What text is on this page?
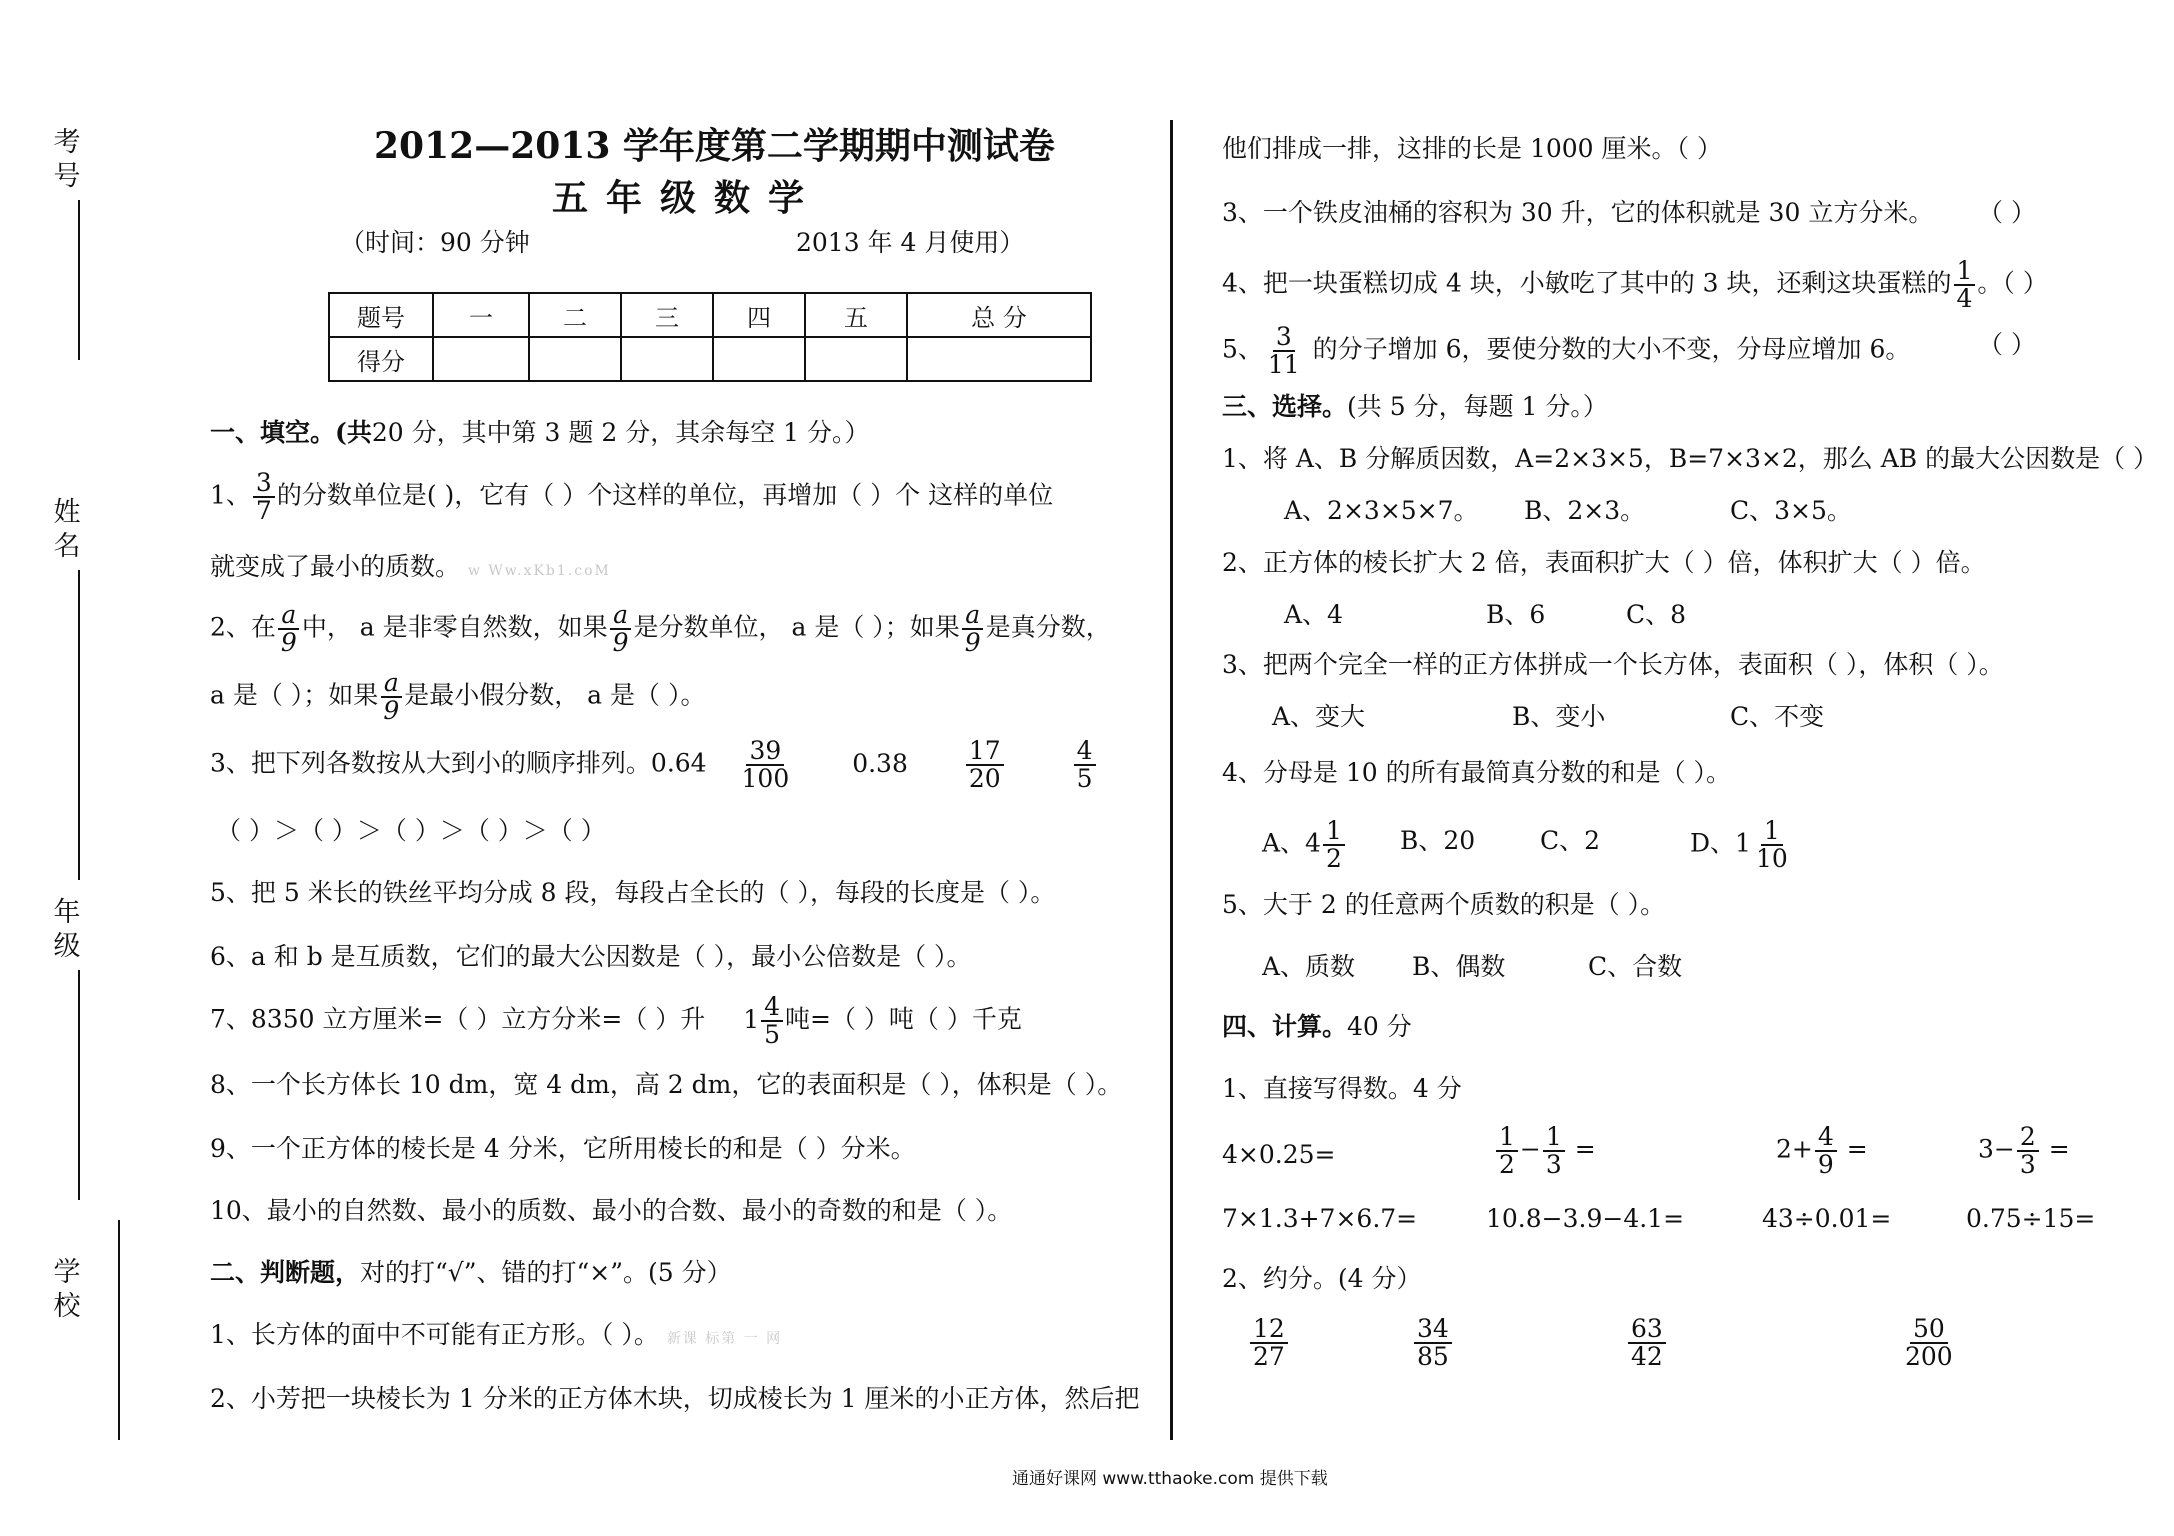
考号
姓名
年级
学校
2012—2013 学年度第二学期期中测试卷
五年级数学
（时间：90 分钟	2013 年 4 月使用）
题号	一	二	三	四	五	总 分
得分						
一、填空。(共20 分，其中第 3 题 2 分，其余每空 1 分。）
1、 $\frac{3}{7}$ 的分数单位是( )，它有（ ）个这样的单位，再增加（ ）个 这样的单位
就变成了最小的质数。 w Ww.xKb1.coM
2、在 $\frac{a}{9}$ 中， a 是非零自然数，如果 $\frac{a}{9}$ 是分数单位， a 是（ ）；如果 $\frac{a}{9}$ 是真分数，
a 是（ ）；如果 $\frac{a}{9}$ 是最小假分数， a 是（ ）。
3、把下列各数按从大到小的顺序排列。$0.64 \frac{39}{100} 0.38 \frac{17}{20}$
	$\frac{4}{5}$
（ ）＞（ ）＞（ ）＞（ ）＞（ ）
5、把 5 米长的铁丝平均分成 8 段，每段占全长的（ ），每段的长度是（ ）。
6、a 和 b 是互质数，它们的最大公因数是（ ），最小公倍数是（ ）。
7、8350 立方厘米=（ ）立方分米=（ ）升 $1 \frac{4}{5}$ 吨=（ ）吨（ ）千克
8、一个长方体长 10 dm，宽 4 dm，高 2 dm，它的表面积是（ ），体积是（ ）。
9、一个正方体的棱长是 4 分米，它所用棱长的和是（ ）分米。
10、最小的自然数、最小的质数、最小的合数、最小的奇数的和是（ ）。
二、判断题，对的打“√”、错的打“×”。(5 分）
1、长方体的面中不可能有正方形。（ ）。 新课 标第 一 网
2、小芳把一块棱长为 1 分米的正方体木块，切成棱长为 1 厘米的小正方体，然后把
他们排成一排，这排的长是 1000 厘米。（ ）
3、一个铁皮油桶的容积为 30 升，它的体积就是 30 立方分米。 （ ）
4、把一块蛋糕切成 4 块，小敏吃了其中的 3 块，还剩这块蛋糕的 $\frac{1}{4}$ 。（ ）
5、 $\frac{3}{11}$ 的分子增加 6，要使分数的大小不变，分母应增加 6。	（ ）
三、选择。(共 5 分，每题 1 分。）
1、将 A、B 分解质因数，A=2×3×5，B=7×3×2，那么 AB 的最大公因数是（ ）
A、2×3×5×7。 B、2×3。	C、3×5。
2、正方体的棱长扩大 2 倍，表面积扩大（ ）倍，体积扩大（ ）倍。
A、4	B、6	C、8
3、把两个完全一样的正方体拼成一个长方体，表面积（ ），体积（ ）。
A、变大	B、变小	C、不变
4、分母是 10 的所有最简真分数的和是（ ）。
A、$4 \frac{1}{2}$ B、20	C、2	D、$1 \frac{1}{10}$
5、大于 2 的任意两个质数的积是（ ）。
A、质数 B、偶数	C、合数
四、计算。40 分
1、直接写得数。4 分
4×0.25=	$\frac{1}{2} - \frac{1}{3}$ =	$2+ \frac{4}{9}$ =	$3- \frac{2}{3}$ =
7×1.3+7×6.7=	10.8−3.9−4.1=	43÷0.01=	0.75÷15=
2、约分。(4 分）
$\frac{12}{27}$	$\frac{34}{85}$	$\frac{63}{42}$	$\frac{50}{200}$
通通好课网 www.tthaoke.com 提供下载
